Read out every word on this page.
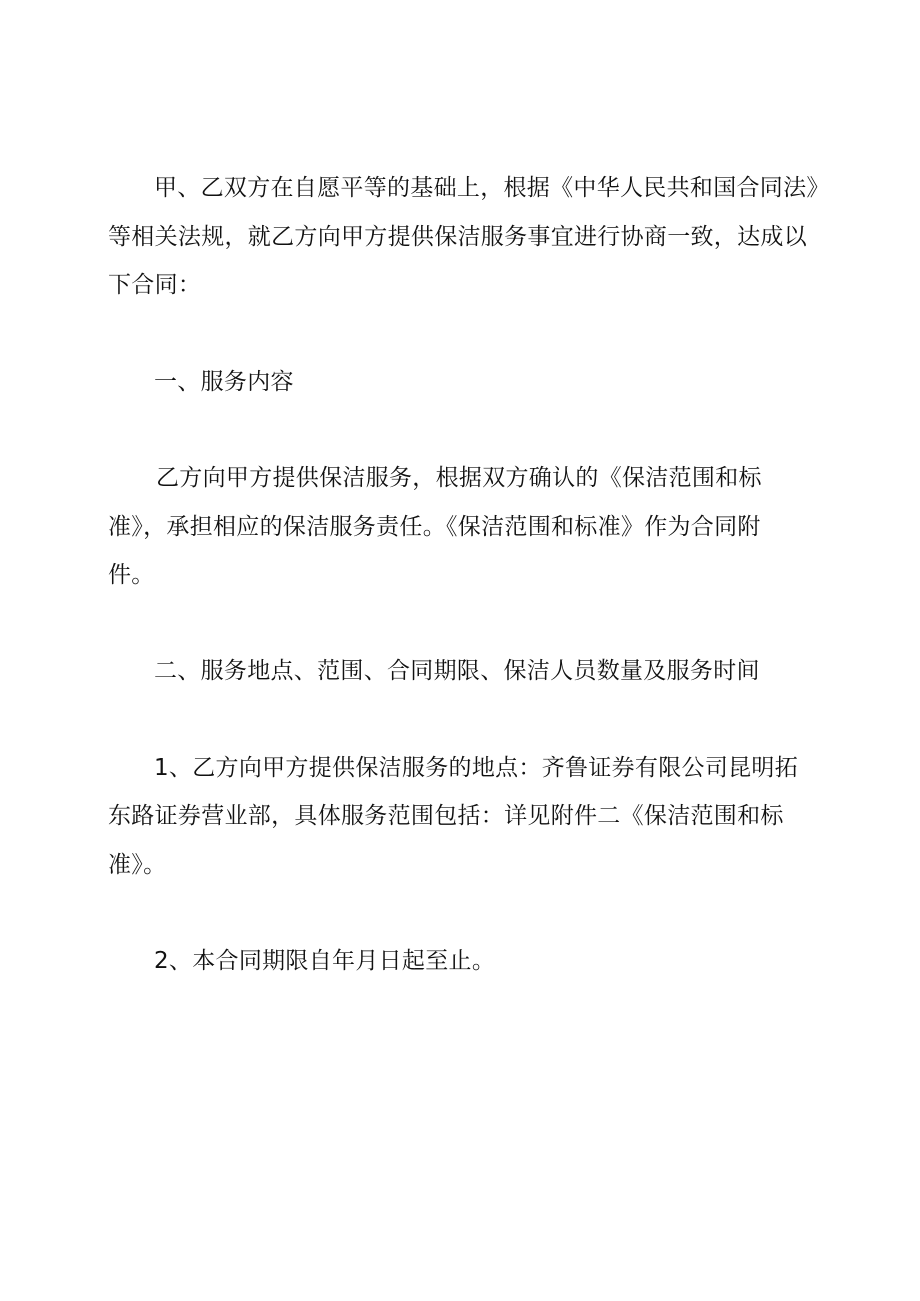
甲、乙双方在自愿平等的基础上，根据《中华人民共和国合同法》
等相关法规，就乙方向甲方提供保洁服务事宜进行协商一致，达成以
下合同：
一、服务内容
乙方向甲方提供保洁服务，根据双方确认的《保洁范围和标
准》，承担相应的保洁服务责任。《保洁范围和标准》作为合同附
件。
二、服务地点、范围、合同期限、保洁人员数量及服务时间
1、乙方向甲方提供保洁服务的地点：齐鲁证券有限公司昆明拓
东路证券营业部，具体服务范围包括：详见附件二《保洁范围和标
准》。
2、本合同期限自年月日起至止。
